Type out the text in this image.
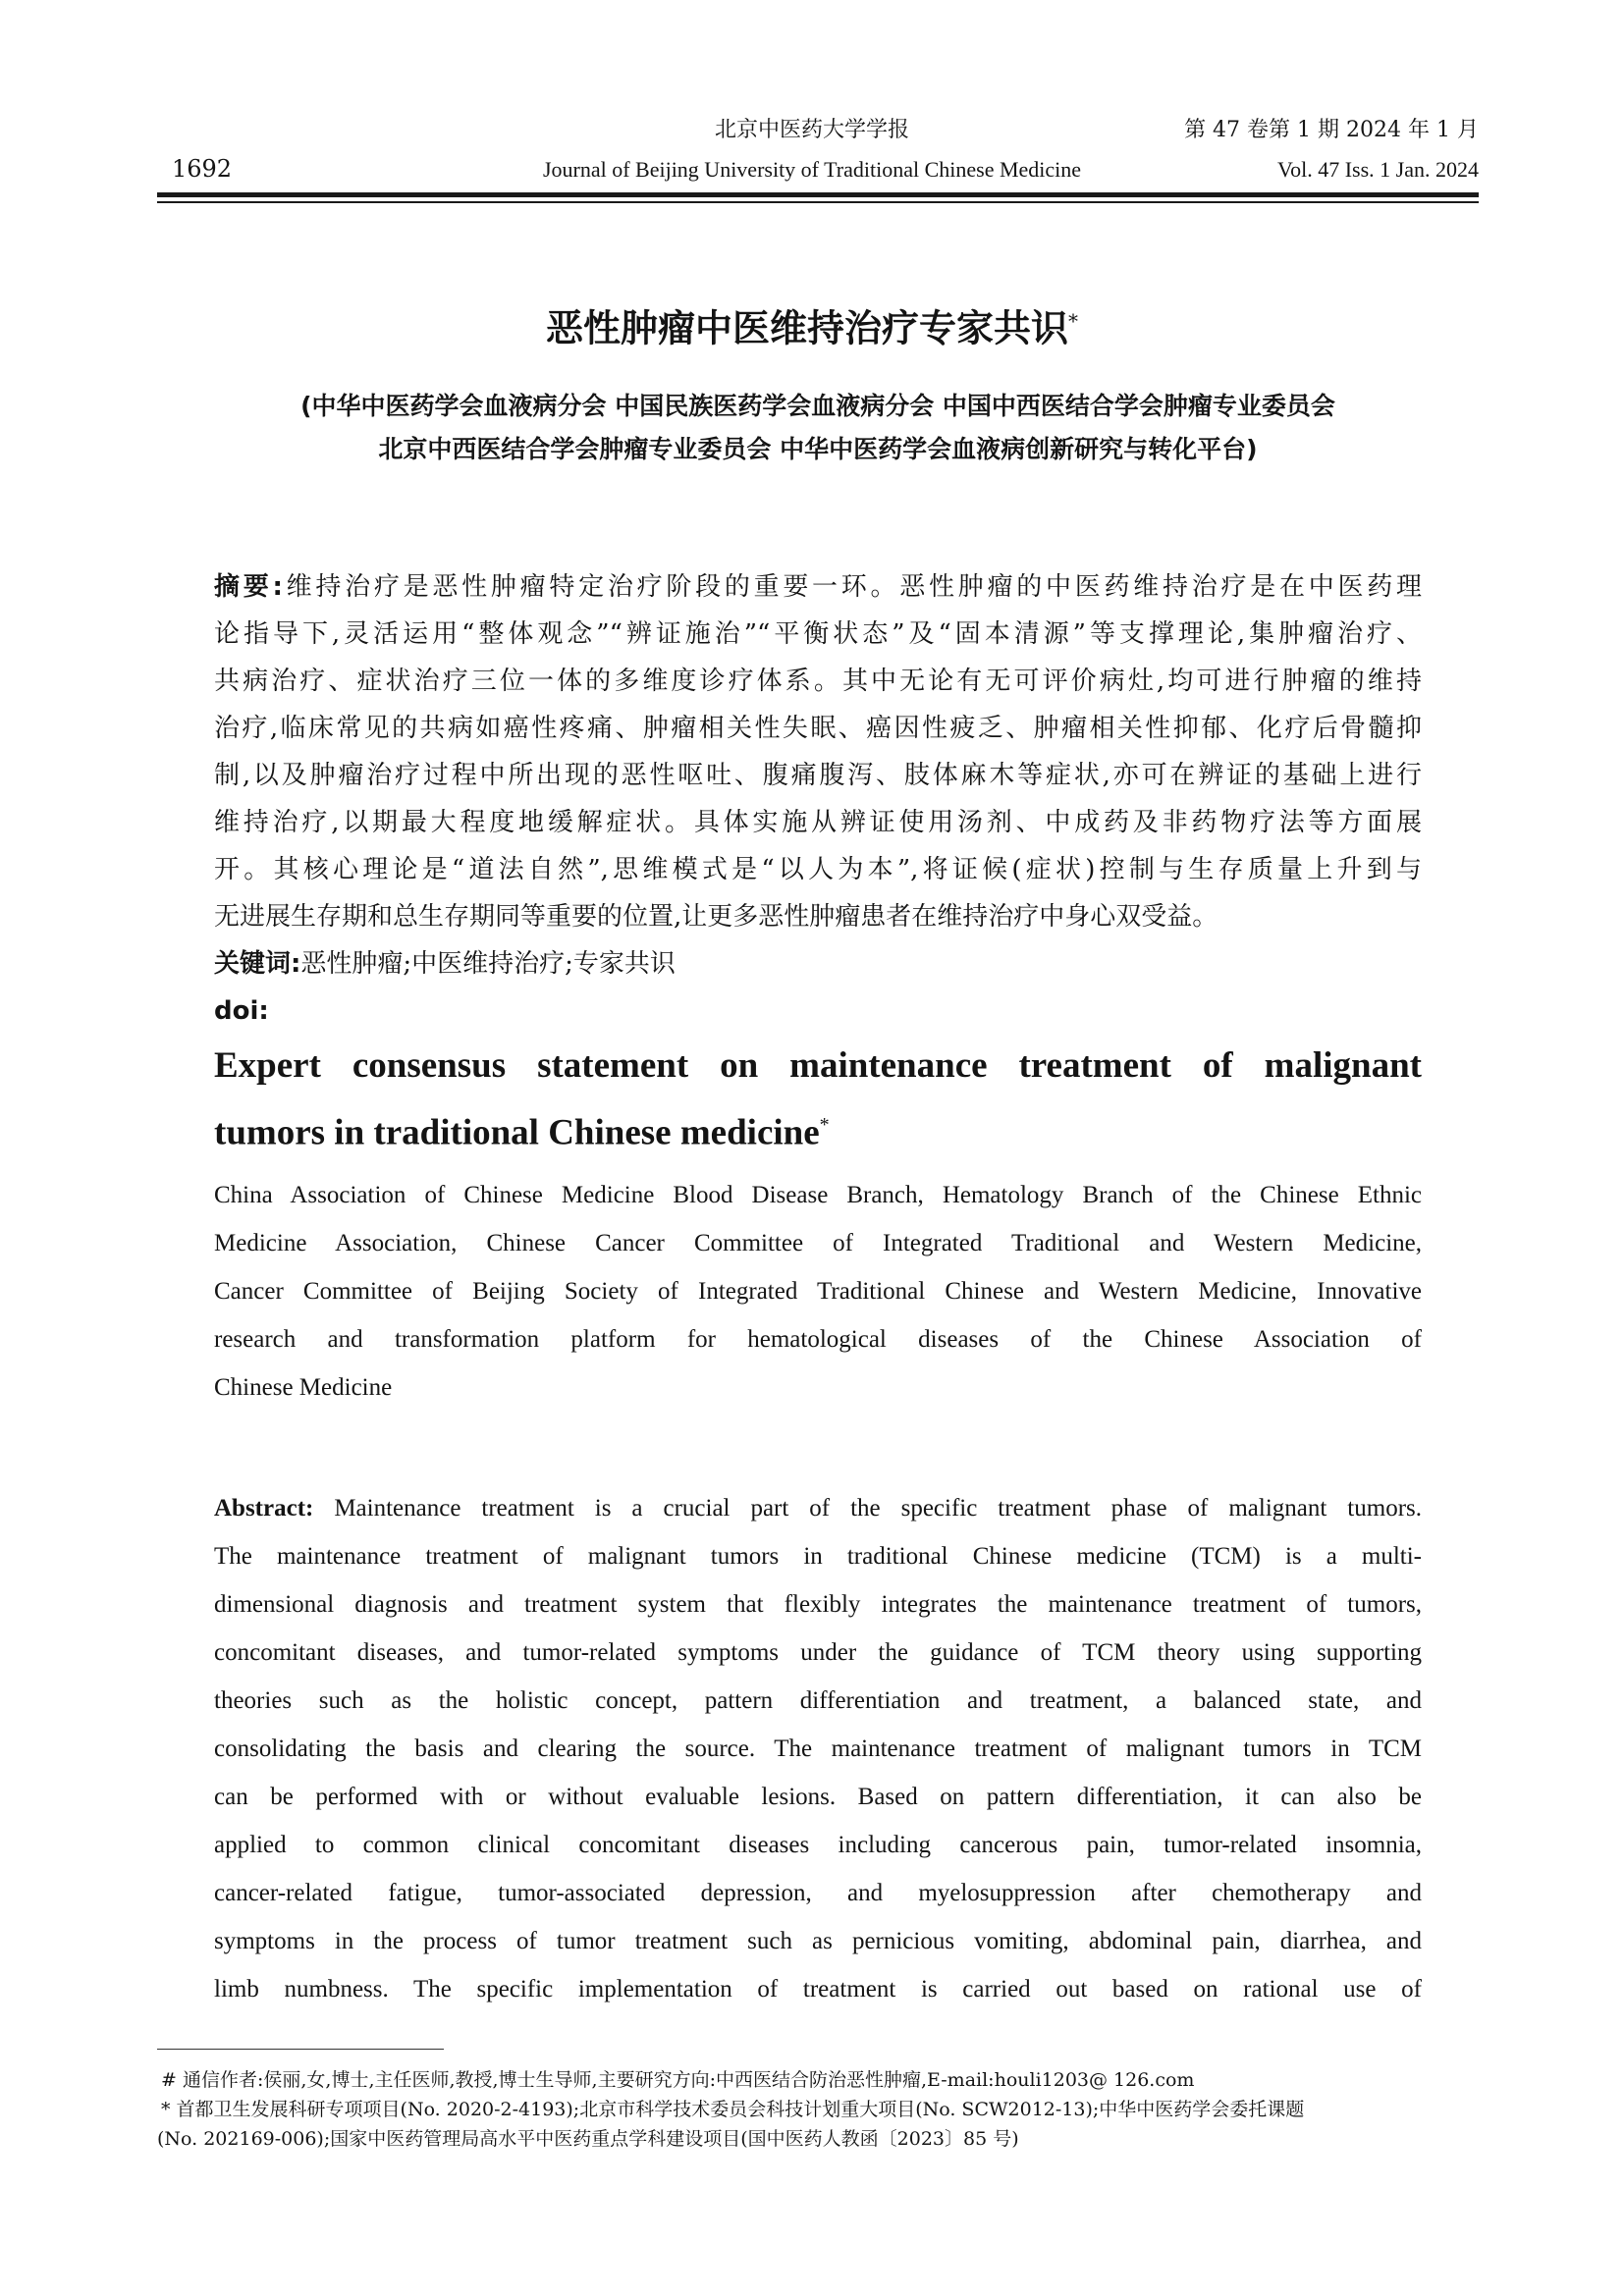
北京中医药大学学报	第 47 卷第 1 期 2024 年 1 月
1692	Journal of Beijing University of Traditional Chinese Medicine	Vol. 47 Iss. 1 Jan. 2024
恶性肿瘤中医维持治疗专家共识*
(中华中医药学会血液病分会 中国民族医药学会血液病分会 中国中西医结合学会肿瘤专业委员会
北京中西医结合学会肿瘤专业委员会 中华中医药学会血液病创新研究与转化平台)
摘要:维持治疗是恶性肿瘤特定治疗阶段的重要一环。恶性肿瘤的中医药维持治疗是在中医药理
论指导下,灵活运用“整体观念”“辨证施治”“平衡状态”及“固本清源”等支撑理论,集肿瘤治疗、
共病治疗、症状治疗三位一体的多维度诊疗体系。其中无论有无可评价病灶,均可进行肿瘤的维持
治疗,临床常见的共病如癌性疼痛、肿瘤相关性失眠、癌因性疲乏、肿瘤相关性抑郁、化疗后骨髓抑
制,以及肿瘤治疗过程中所出现的恶性呕吐、腹痛腹泻、肢体麻木等症状,亦可在辨证的基础上进行
维持治疗,以期最大程度地缓解症状。具体实施从辨证使用汤剂、中成药及非药物疗法等方面展
开。其核心理论是“道法自然”,思维模式是“以人为本”,将证候(症状)控制与生存质量上升到与
无进展生存期和总生存期同等重要的位置,让更多恶性肿瘤患者在维持治疗中身心双受益。
关键词:恶性肿瘤;中医维持治疗;专家共识
doi:
Expert consensus statement on maintenance treatment of malignant
tumors in traditional Chinese medicine*
China Association of Chinese Medicine Blood Disease Branch, Hematology Branch of the Chinese Ethnic
Medicine Association, Chinese Cancer Committee of Integrated Traditional and Western Medicine,
Cancer Committee of Beijing Society of Integrated Traditional Chinese and Western Medicine, Innovative
research and transformation platform for hematological diseases of the Chinese Association of
Chinese Medicine
Abstract: Maintenance treatment is a crucial part of the specific treatment phase of malignant tumors.
The maintenance treatment of malignant tumors in traditional Chinese medicine (TCM) is a multi-
dimensional diagnosis and treatment system that flexibly integrates the maintenance treatment of tumors,
concomitant diseases, and tumor-related symptoms under the guidance of TCM theory using supporting
theories such as the holistic concept, pattern differentiation and treatment, a balanced state, and
consolidating the basis and clearing the source. The maintenance treatment of malignant tumors in TCM
can be performed with or without evaluable lesions. Based on pattern differentiation, it can also be
applied to common clinical concomitant diseases including cancerous pain, tumor-related insomnia,
cancer-related fatigue, tumor-associated depression, and myelosuppression after chemotherapy and
symptoms in the process of tumor treatment such as pernicious vomiting, abdominal pain, diarrhea, and
limb numbness. The specific implementation of treatment is carried out based on rational use of
# 通信作者:侯丽,女,博士,主任医师,教授,博士生导师,主要研究方向:中西医结合防治恶性肿瘤,E-mail:houli1203@ 126.com
* 首都卫生发展科研专项项目(No. 2020-2-4193);北京市科学技术委员会科技计划重大项目(No. SCW2012-13);中华中医药学会委托课题
(No. 202169-006);国家中医药管理局高水平中医药重点学科建设项目(国中医药人教函〔2023〕85 号)
